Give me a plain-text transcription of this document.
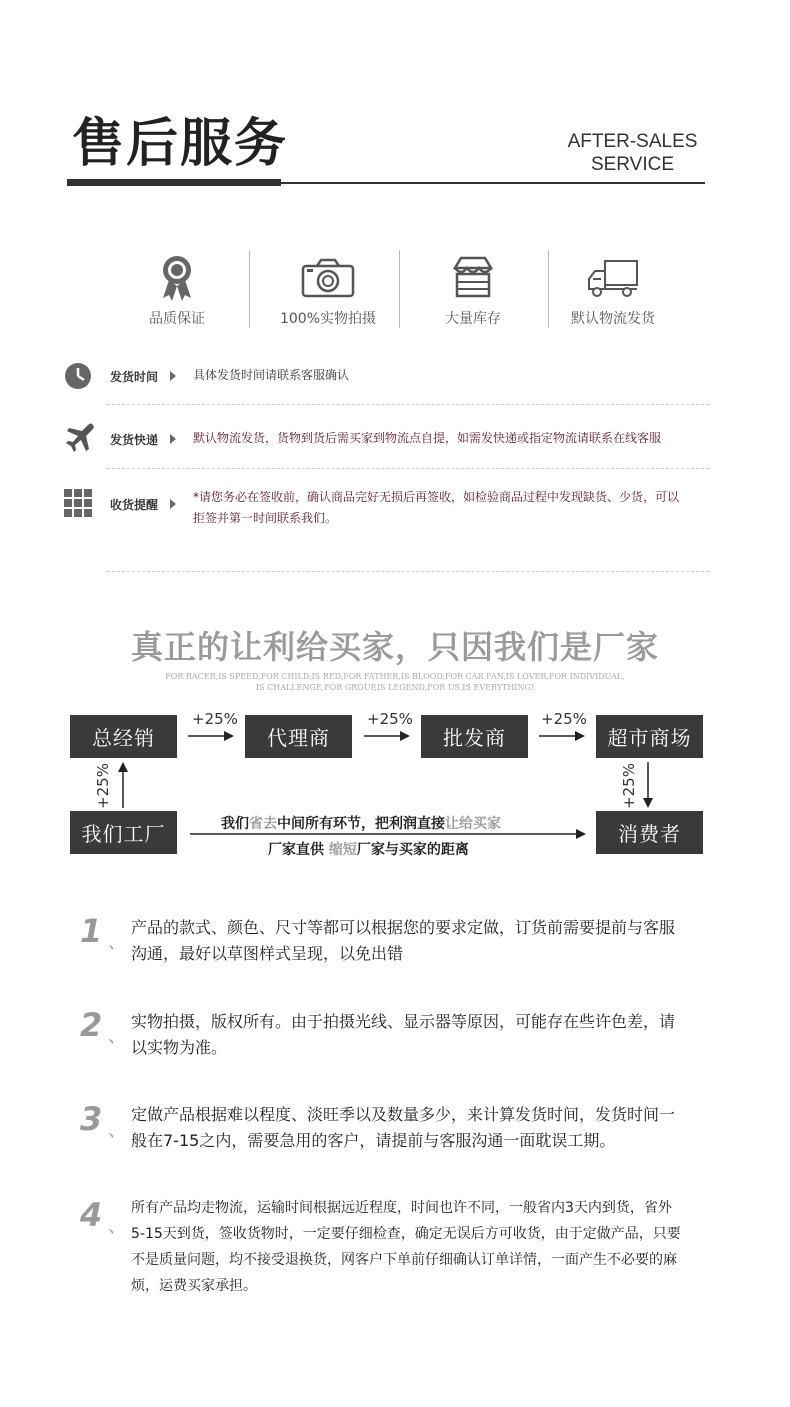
售后服务	AFTER-SALES
SERVICE
品质保证	100%实物拍摄	大量库存	默认物流发货
发货时间	具体发货时间请联系客服确认
发货快递	默认物流发货，货物到货后需买家到物流点自提，如需发快递或指定物流请联系在线客服
收货提醒
*请您务必在签收前，确认商品完好无损后再签收，如检验商品过程中发现缺货、少货，可以
拒签并第一时间联系我们。
真正的让利给买家，只因我们是厂家
FOR RACER,IS SPEED,FOR CHILD,IS RED,FOR FATHER,IS BLOOD,FOR CAR FAN,IS LOVER,FOR INDIVIDUAL,
IS CHALLENGE,FOR GROUP,IS LEGEND,FOR US,IS EVERYTHING!
总经销	代理商	批发商	超市商场
我们工厂	消费者
+25%	+25%	+25%
+25%	+25%
我们省去中间所有环节，把利润直接让给买家
厂家直供 缩短厂家与买家的距离
1 、
产品的款式、颜色、尺寸等都可以根据您的要求定做，订货前需要提前与客服
沟通，最好以草图样式呈现，以免出错
2 、
实物拍摄，版权所有。由于拍摄光线、显示器等原因，可能存在些许色差，请
以实物为准。
3 、
定做产品根据难以程度、淡旺季以及数量多少，来计算发货时间，发货时间一
般在7-15之内，需要急用的客户，请提前与客服沟通一面耽误工期。
4 、
所有产品均走物流，运输时间根据远近程度，时间也许不同，一般省内3天内到货，省外
5-15天到货，签收货物时，一定要仔细检查，确定无误后方可收货，由于定做产品，只要
不是质量问题，均不接受退换货，网客户下单前仔细确认订单详情，一面产生不必要的麻
烦，运费买家承担。
